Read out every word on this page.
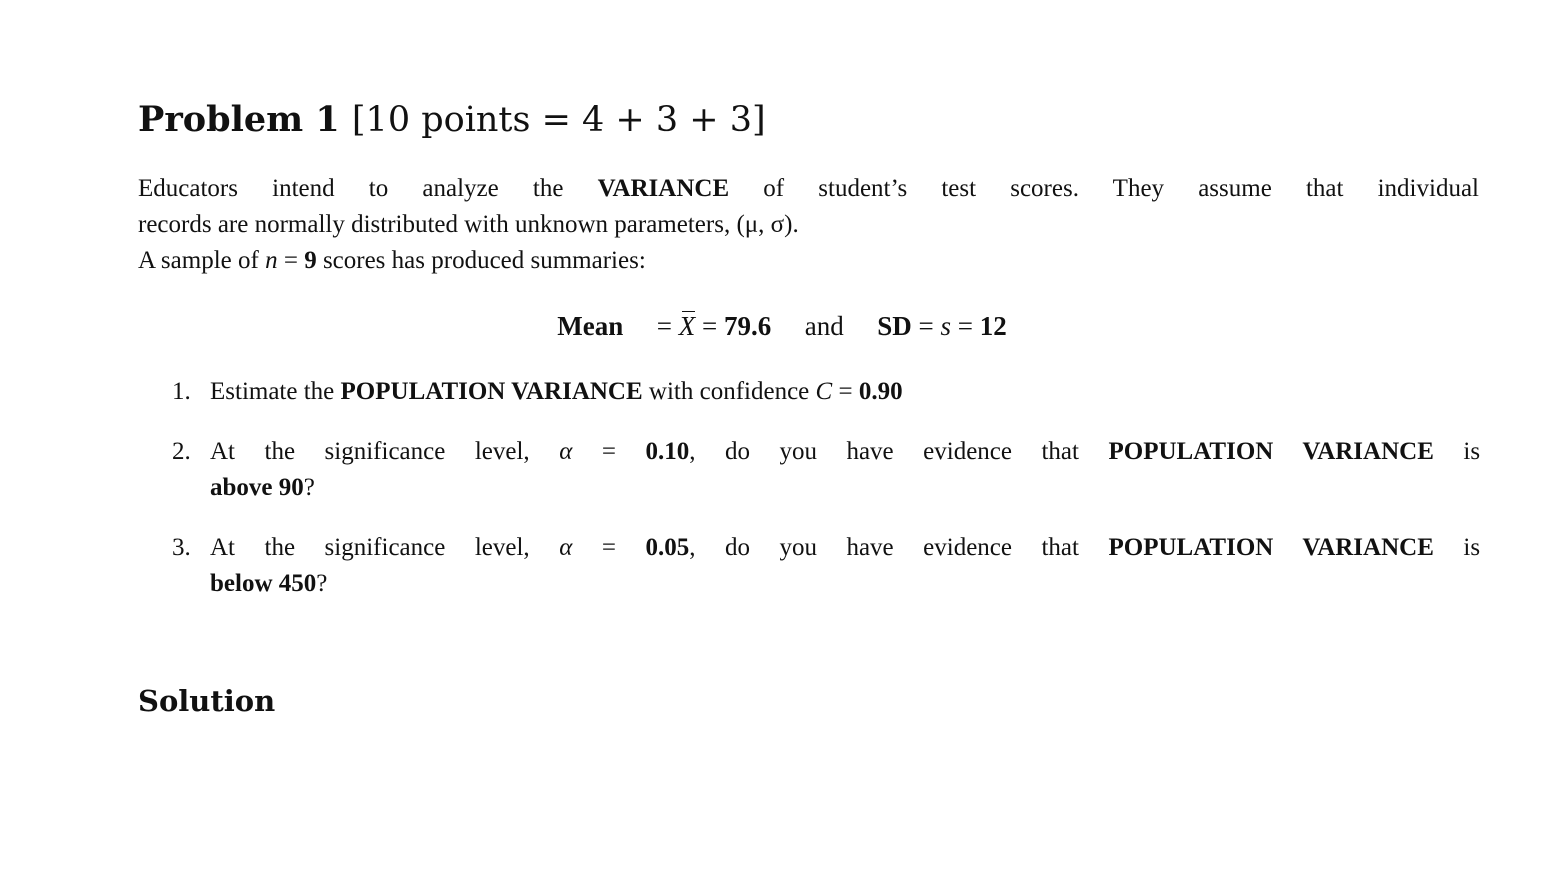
Problem 1 [10 points = 4 + 3 + 3]
Educators intend to analyze the VARIANCE of student’s test scores. They assume that individual
records are normally distributed with unknown parameters, (μ, σ).
A sample of n = 9 scores has produced summaries:
Mean = X = 79.6 and SD = s = 12
1. Estimate the POPULATION VARIANCE with confidence C = 0.90
2. At the significance level, α = 0.10, do you have evidence that POPULATION VARIANCE is
above 90?
3. At the significance level, α = 0.05, do you have evidence that POPULATION VARIANCE is
below 450?
Solution
